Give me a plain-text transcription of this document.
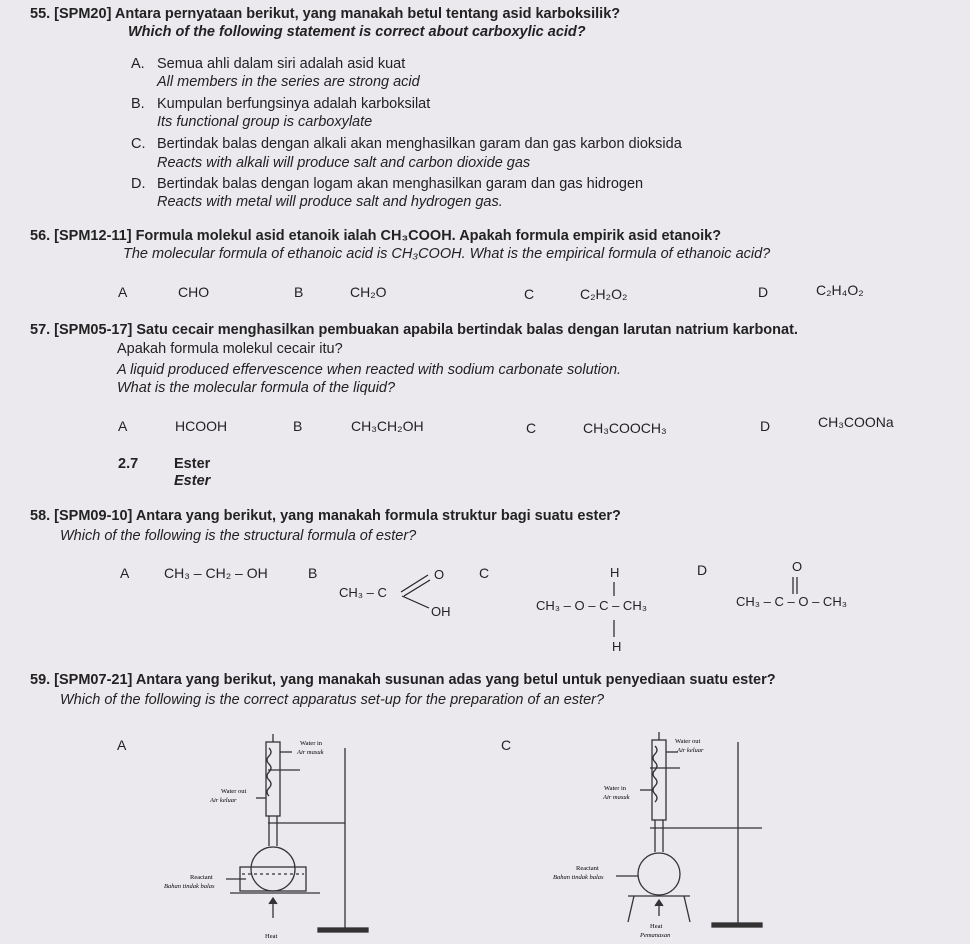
55. [SPM20] Antara pernyataan berikut, yang manakah betul tentang asid karboksilik?
Which of the following statement is correct about carboxylic acid?
A. Semua ahli dalam siri adalah asid kuat
All members in the series are strong acid
B. Kumpulan berfungsinya adalah karboksilat
Its functional group is carboxylate
C. Bertindak balas dengan alkali akan menghasilkan garam dan gas karbon dioksida
Reacts with alkali will produce salt and carbon dioxide gas
D. Bertindak balas dengan logam akan menghasilkan garam dan gas hidrogen
Reacts with metal will produce salt and hydrogen gas.
56. [SPM12-11] Formula molekul asid etanoik ialah CH₃COOH. Apakah formula empirik asid etanoik?
The molecular formula of ethanoic acid is CH₃COOH. What is the empirical formula of ethanoic acid?
A	CHO	B	CH₂O	C	C₂H₂O₂	D	C₂H₄O₂
57. [SPM05-17] Satu cecair menghasilkan pembuakan apabila bertindak balas dengan larutan natrium karbonat.
Apakah formula molekul cecair itu?
A liquid produced effervescence when reacted with sodium carbonate solution.
What is the molecular formula of the liquid?
A	HCOOH	B	CH₃CH₂OH	C	CH₃COOCH₃	D	CH₃COONa
2.7 Ester
Ester
58. [SPM09-10] Antara yang berikut, yang manakah formula struktur bagi suatu ester?
Which of the following is the structural formula of ester?
A CH₃ – CH₂ – OH	B
CH₃ – C
O
OH
C	H
CH₃ – O – C – CH₃
H
D	O
CH₃ – C – O – CH₃
59. [SPM07-21] Antara yang berikut, yang manakah susunan adas yang betul untuk penyediaan suatu ester?
Which of the following is the correct apparatus set-up for the preparation of an ester?
A	C
Water in
Air masuk
Water out
Air keluar
Reactant
Bahan tindak balas
Heat
Water out
Air keluar
Water in
Air masuk
Reactant
Bahan tindak balas
Heat
Pemanasan
